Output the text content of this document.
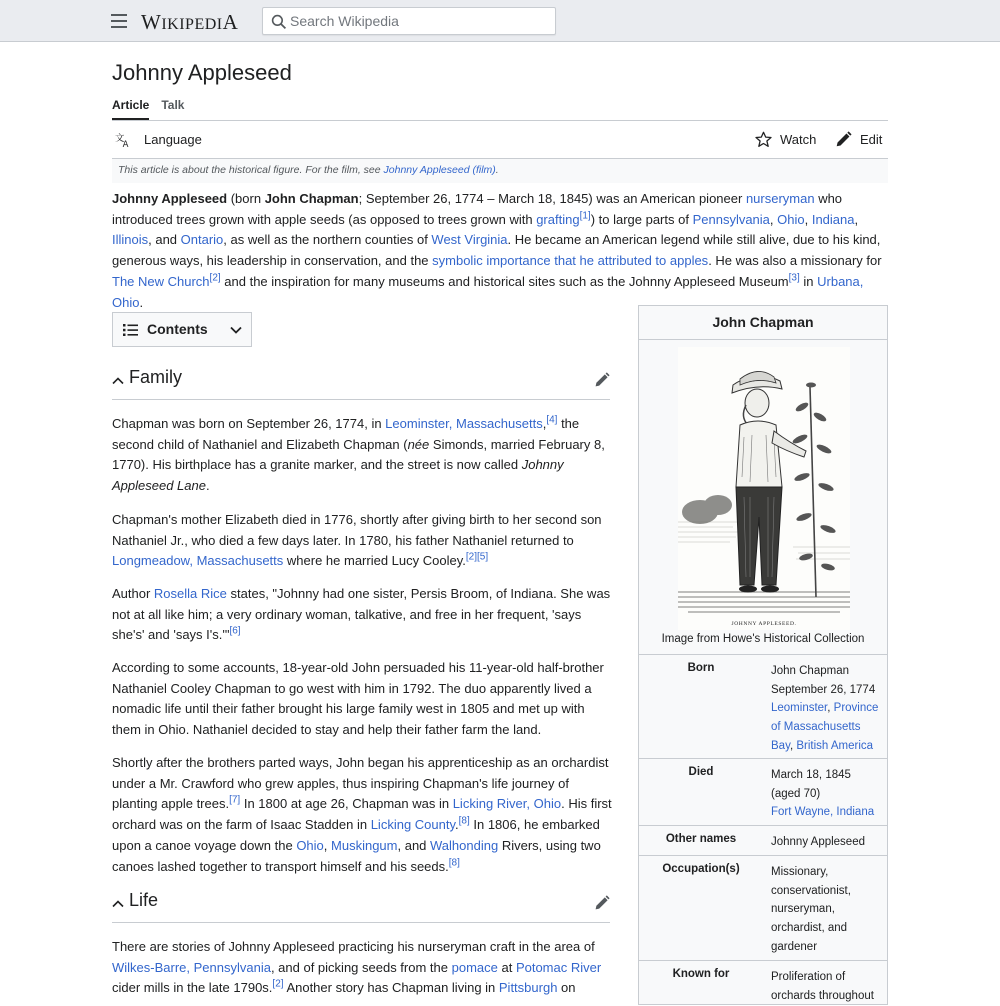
WIKIPEDIA
Search Wikipedia
Johnny Appleseed
Article Talk
文
A Language	Watch	Edit
This article is about the historical figure. For the film, see Johnny Appleseed (film).

Johnny Appleseed (born John Chapman; September 26, 1774 – March 18, 1845) was an American pioneer nurseryman who introduced trees grown with apple seeds (as opposed to trees grown with grafting[1]) to large parts of Pennsylvania, Ohio, Indiana, Illinois, and Ontario, as well as the northern counties of West Virginia. He became an American legend while still alive, due to his kind, generous ways, his leadership in conservation, and the symbolic importance that he attributed to apples. He was also a missionary for The New Church[2] and the inspiration for many museums and historical sites such as the Johnny Appleseed Museum[3] in Urbana, Ohio.

Contents
Family

Chapman was born on September 26, 1774, in Leominster, Massachusetts,[4] the second child of Nathaniel and Elizabeth Chapman (née Simonds, married February 8, 1770). His birthplace has a granite marker, and the street is now called Johnny Appleseed Lane.

Chapman's mother Elizabeth died in 1776, shortly after giving birth to her second son Nathaniel Jr., who died a few days later. In 1780, his father Nathaniel returned to Longmeadow, Massachusetts where he married Lucy Cooley.[2][5]

Author Rosella Rice states, "Johnny had one sister, Persis Broom, of Indiana. She was not at all like him; a very ordinary woman, talkative, and free in her frequent, 'says she's' and 'says I's.'"[6]

According to some accounts, 18-year-old John persuaded his 11-year-old half-brother Nathaniel Cooley Chapman to go west with him in 1792. The duo apparently lived a nomadic life until their father brought his large family west in 1805 and met up with them in Ohio. Nathaniel decided to stay and help their father farm the land.

Shortly after the brothers parted ways, John began his apprenticeship as an orchardist under a Mr. Crawford who grew apples, thus inspiring Chapman's life journey of planting apple trees.[7] In 1800 at age 26, Chapman was in Licking River, Ohio. His first orchard was on the farm of Isaac Stadden in Licking County.[8] In 1806, he embarked upon a canoe voyage down the Ohio, Muskingum, and Walhonding Rivers, using two canoes lashed together to transport himself and his seeds.[8]

Life

There are stories of Johnny Appleseed practicing his nurseryman craft in the area of Wilkes-Barre, Pennsylvania, and of picking seeds from the pomace at Potomac River cider mills in the late 1790s.[2] Another story has Chapman living in Pittsburgh on

John Chapman
JOHNNY APPLESEED.
Image from Howe's Historical Collection
Born	John Chapman
September 26, 1774
Leominster, Province of Massachusetts Bay, British America
Died	March 18, 1845
(aged 70)
Fort Wayne, Indiana
Other names	Johnny Appleseed
Occupation(s)	Missionary, conservationist, nurseryman, orchardist, and gardener
Known for	Proliferation of orchards throughout
